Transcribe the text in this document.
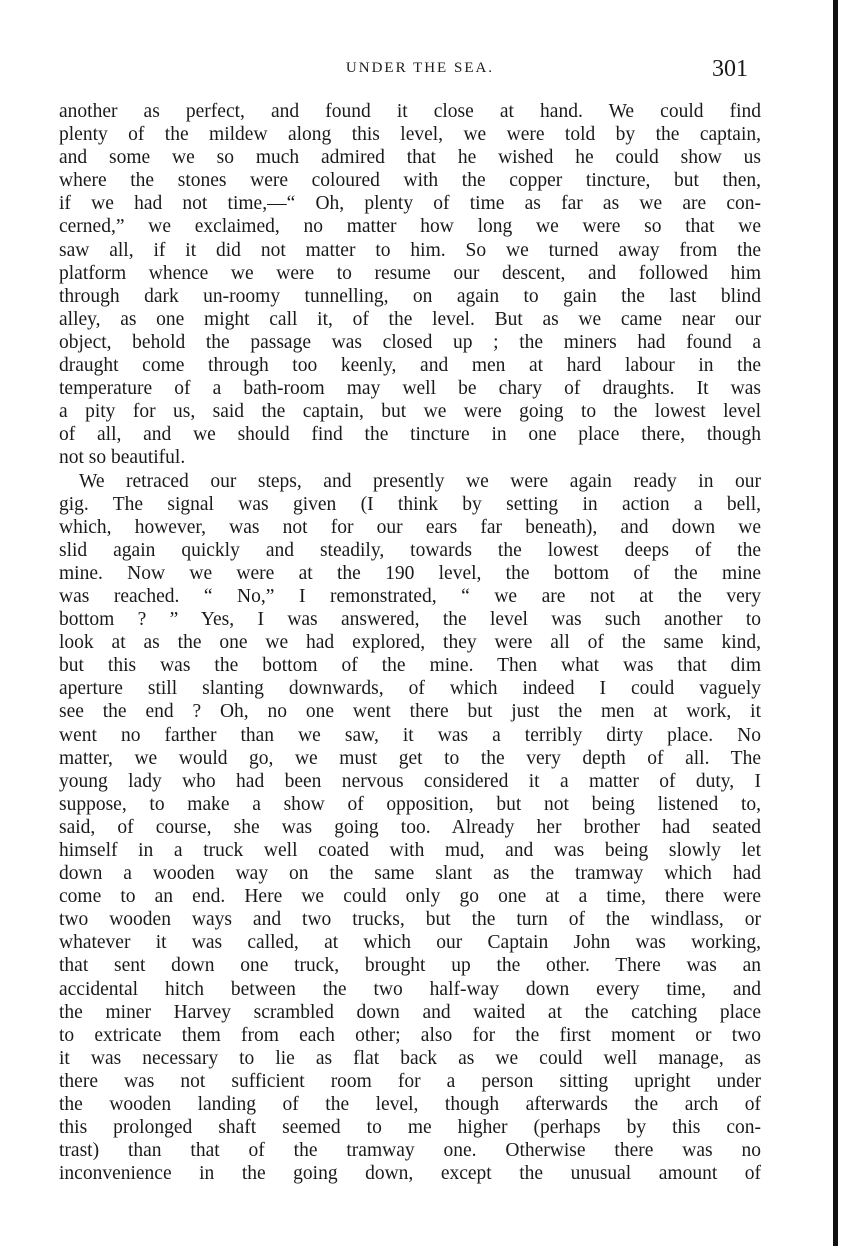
UNDER THE SEA.	301
another as perfect, and found it close at hand. We could find
plenty of the mildew along this level, we were told by the captain,
and some we so much admired that he wished he could show us
where the stones were coloured with the copper tincture, but then,
if we had not time,—“ Oh, plenty of time as far as we are con-
cerned,” we exclaimed, no matter how long we were so that we
saw all, if it did not matter to him. So we turned away from the
platform whence we were to resume our descent, and followed him
through dark un-roomy tunnelling, on again to gain the last blind
alley, as one might call it, of the level. But as we came near our
object, behold the passage was closed up ; the miners had found a
draught come through too keenly, and men at hard labour in the
temperature of a bath-room may well be chary of draughts. It was
a pity for us, said the captain, but we were going to the lowest level
of all, and we should find the tincture in one place there, though
not so beautiful.
We retraced our steps, and presently we were again ready in our
gig. The signal was given (I think by setting in action a bell,
which, however, was not for our ears far beneath), and down we
slid again quickly and steadily, towards the lowest deeps of the
mine. Now we were at the 190 level, the bottom of the mine
was reached. “ No,” I remonstrated, “ we are not at the very
bottom ? ” Yes, I was answered, the level was such another to
look at as the one we had explored, they were all of the same kind,
but this was the bottom of the mine. Then what was that dim
aperture still slanting downwards, of which indeed I could vaguely
see the end ? Oh, no one went there but just the men at work, it
went no farther than we saw, it was a terribly dirty place. No
matter, we would go, we must get to the very depth of all. The
young lady who had been nervous considered it a matter of duty, I
suppose, to make a show of opposition, but not being listened to,
said, of course, she was going too. Already her brother had seated
himself in a truck well coated with mud, and was being slowly let
down a wooden way on the same slant as the tramway which had
come to an end. Here we could only go one at a time, there were
two wooden ways and two trucks, but the turn of the windlass, or
whatever it was called, at which our Captain John was working,
that sent down one truck, brought up the other. There was an
accidental hitch between the two half-way down every time, and
the miner Harvey scrambled down and waited at the catching place
to extricate them from each other; also for the first moment or two
it was necessary to lie as flat back as we could well manage, as
there was not sufficient room for a person sitting upright under
the wooden landing of the level, though afterwards the arch of
this prolonged shaft seemed to me higher (perhaps by this con-
trast) than that of the tramway one. Otherwise there was no
inconvenience in the going down, except the unusual amount of
